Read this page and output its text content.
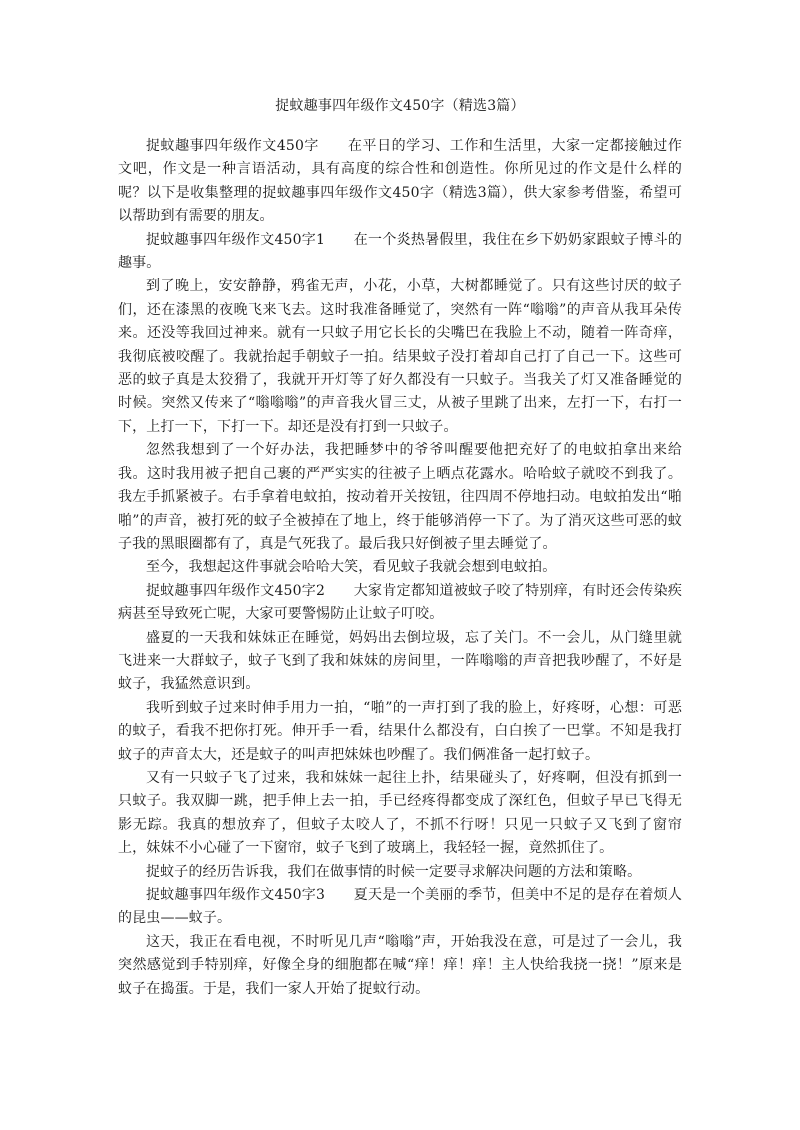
捉蚊趣事四年级作文450字（精选3篇）

捉蚊趣事四年级作文450字　　在平日的学习、工作和生活里，大家一定都接触过作文吧，作文是一种言语活动，具有高度的综合性和创造性。你所见过的作文是什么样的呢？以下是收集整理的捉蚊趣事四年级作文450字（精选3篇），供大家参考借鉴，希望可以帮助到有需要的朋友。

捉蚊趣事四年级作文450字1　　在一个炎热暑假里，我住在乡下奶奶家跟蚊子博斗的趣事。

到了晚上，安安静静，鸦雀无声，小花，小草，大树都睡觉了。只有这些讨厌的蚊子们，还在漆黑的夜晚飞来飞去。这时我准备睡觉了，突然有一阵“嗡嗡”的声音从我耳朵传来。还没等我回过神来。就有一只蚊子用它长长的尖嘴巴在我脸上不动，随着一阵奇痒，我彻底被咬醒了。我就抬起手朝蚊子一拍。结果蚊子没打着却自己打了自己一下。这些可恶的蚊子真是太狡猾了，我就开开灯等了好久都没有一只蚊子。当我关了灯又准备睡觉的时候。突然又传来了“嗡嗡嗡”的声音我火冒三丈，从被子里跳了出来，左打一下，右打一下，上打一下，下打一下。却还是没有打到一只蚊子。

忽然我想到了一个好办法，我把睡梦中的爷爷叫醒要他把充好了的电蚊拍拿出来给我。这时我用被子把自己裹的严严实实的往被子上晒点花露水。哈哈蚊子就咬不到我了。我左手抓紧被子。右手拿着电蚊拍，按动着开关按钮，往四周不停地扫动。电蚊拍发出“啪啪”的声音，被打死的蚊子全被掉在了地上，终于能够消停一下了。为了消灭这些可恶的蚊子我的黑眼圈都有了，真是气死我了。最后我只好倒被子里去睡觉了。

至今，我想起这件事就会哈哈大笑，看见蚊子我就会想到电蚊拍。

捉蚊趣事四年级作文450字2　　大家肯定都知道被蚊子咬了特别痒，有时还会传染疾病甚至导致死亡呢，大家可要警惕防止让蚊子叮咬。

盛夏的一天我和妹妹正在睡觉，妈妈出去倒垃圾，忘了关门。不一会儿，从门缝里就飞进来一大群蚊子，蚊子飞到了我和妹妹的房间里，一阵嗡嗡的声音把我吵醒了，不好是蚊子，我猛然意识到。

我听到蚊子过来时伸手用力一拍，“啪”的一声打到了我的脸上，好疼呀，心想：可恶的蚊子，看我不把你打死。伸开手一看，结果什么都没有，白白挨了一巴掌。不知是我打蚊子的声音太大，还是蚊子的叫声把妹妹也吵醒了。我们俩准备一起打蚊子。

又有一只蚊子飞了过来，我和妹妹一起往上扑，结果碰头了，好疼啊，但没有抓到一只蚊子。我双脚一跳，把手伸上去一拍，手已经疼得都变成了深红色，但蚊子早已飞得无影无踪。我真的想放弃了，但蚊子太咬人了，不抓不行呀！只见一只蚊子又飞到了窗帘上，妹妹不小心碰了一下窗帘，蚊子飞到了玻璃上，我轻轻一握，竟然抓住了。

捉蚊子的经历告诉我，我们在做事情的时候一定要寻求解决问题的方法和策略。

捉蚊趣事四年级作文450字3　　夏天是一个美丽的季节，但美中不足的是存在着烦人的昆虫——蚊子。

这天，我正在看电视，不时听见几声“嗡嗡”声，开始我没在意，可是过了一会儿，我突然感觉到手特别痒，好像全身的细胞都在喊“痒！痒！痒！主人快给我挠一挠！”原来是蚊子在捣蛋。于是，我们一家人开始了捉蚊行动。
